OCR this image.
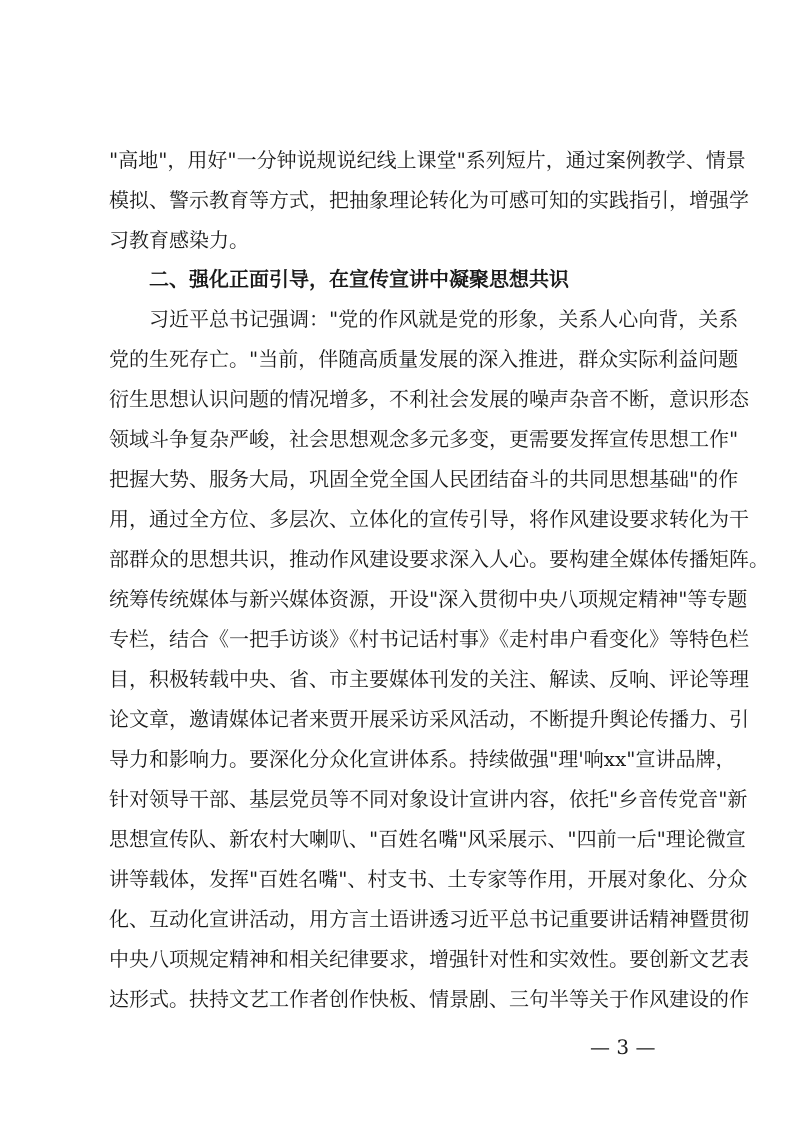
"高地"，用好"一分钟说规说纪线上课堂"系列短片，通过案例教学、情景
模拟、警示教育等方式，把抽象理论转化为可感可知的实践指引，增强学
习教育感染力。
二、强化正面引导，在宣传宣讲中凝聚思想共识
习近平总书记强调："党的作风就是党的形象，关系人心向背，关系
党的生死存亡。"当前，伴随高质量发展的深入推进，群众实际利益问题
衍生思想认识问题的情况增多，不利社会发展的噪声杂音不断，意识形态
领域斗争复杂严峻，社会思想观念多元多变，更需要发挥宣传思想工作"
把握大势、服务大局，巩固全党全国人民团结奋斗的共同思想基础"的作
用，通过全方位、多层次、立体化的宣传引导，将作风建设要求转化为干
部群众的思想共识，推动作风建设要求深入人心。要构建全媒体传播矩阵。
统筹传统媒体与新兴媒体资源，开设"深入贯彻中央八项规定精神"等专题
专栏，结合《一把手访谈》《村书记话村事》《走村串户看变化》等特色栏
目，积极转载中央、省、市主要媒体刊发的关注、解读、反响、评论等理
论文章，邀请媒体记者来贾开展采访采风活动，不断提升舆论传播力、引
导力和影响力。要深化分众化宣讲体系。持续做强"理'响xx"宣讲品牌，
针对领导干部、基层党员等不同对象设计宣讲内容，依托"乡音传党音"新
思想宣传队、新农村大喇叭、"百姓名嘴"风采展示、"四前一后"理论微宣
讲等载体，发挥"百姓名嘴"、村支书、土专家等作用，开展对象化、分众
化、互动化宣讲活动，用方言土语讲透习近平总书记重要讲话精神暨贯彻
中央八项规定精神和相关纪律要求，增强针对性和实效性。要创新文艺表
达形式。扶持文艺工作者创作快板、情景剧、三句半等关于作风建设的作
— 3 —
